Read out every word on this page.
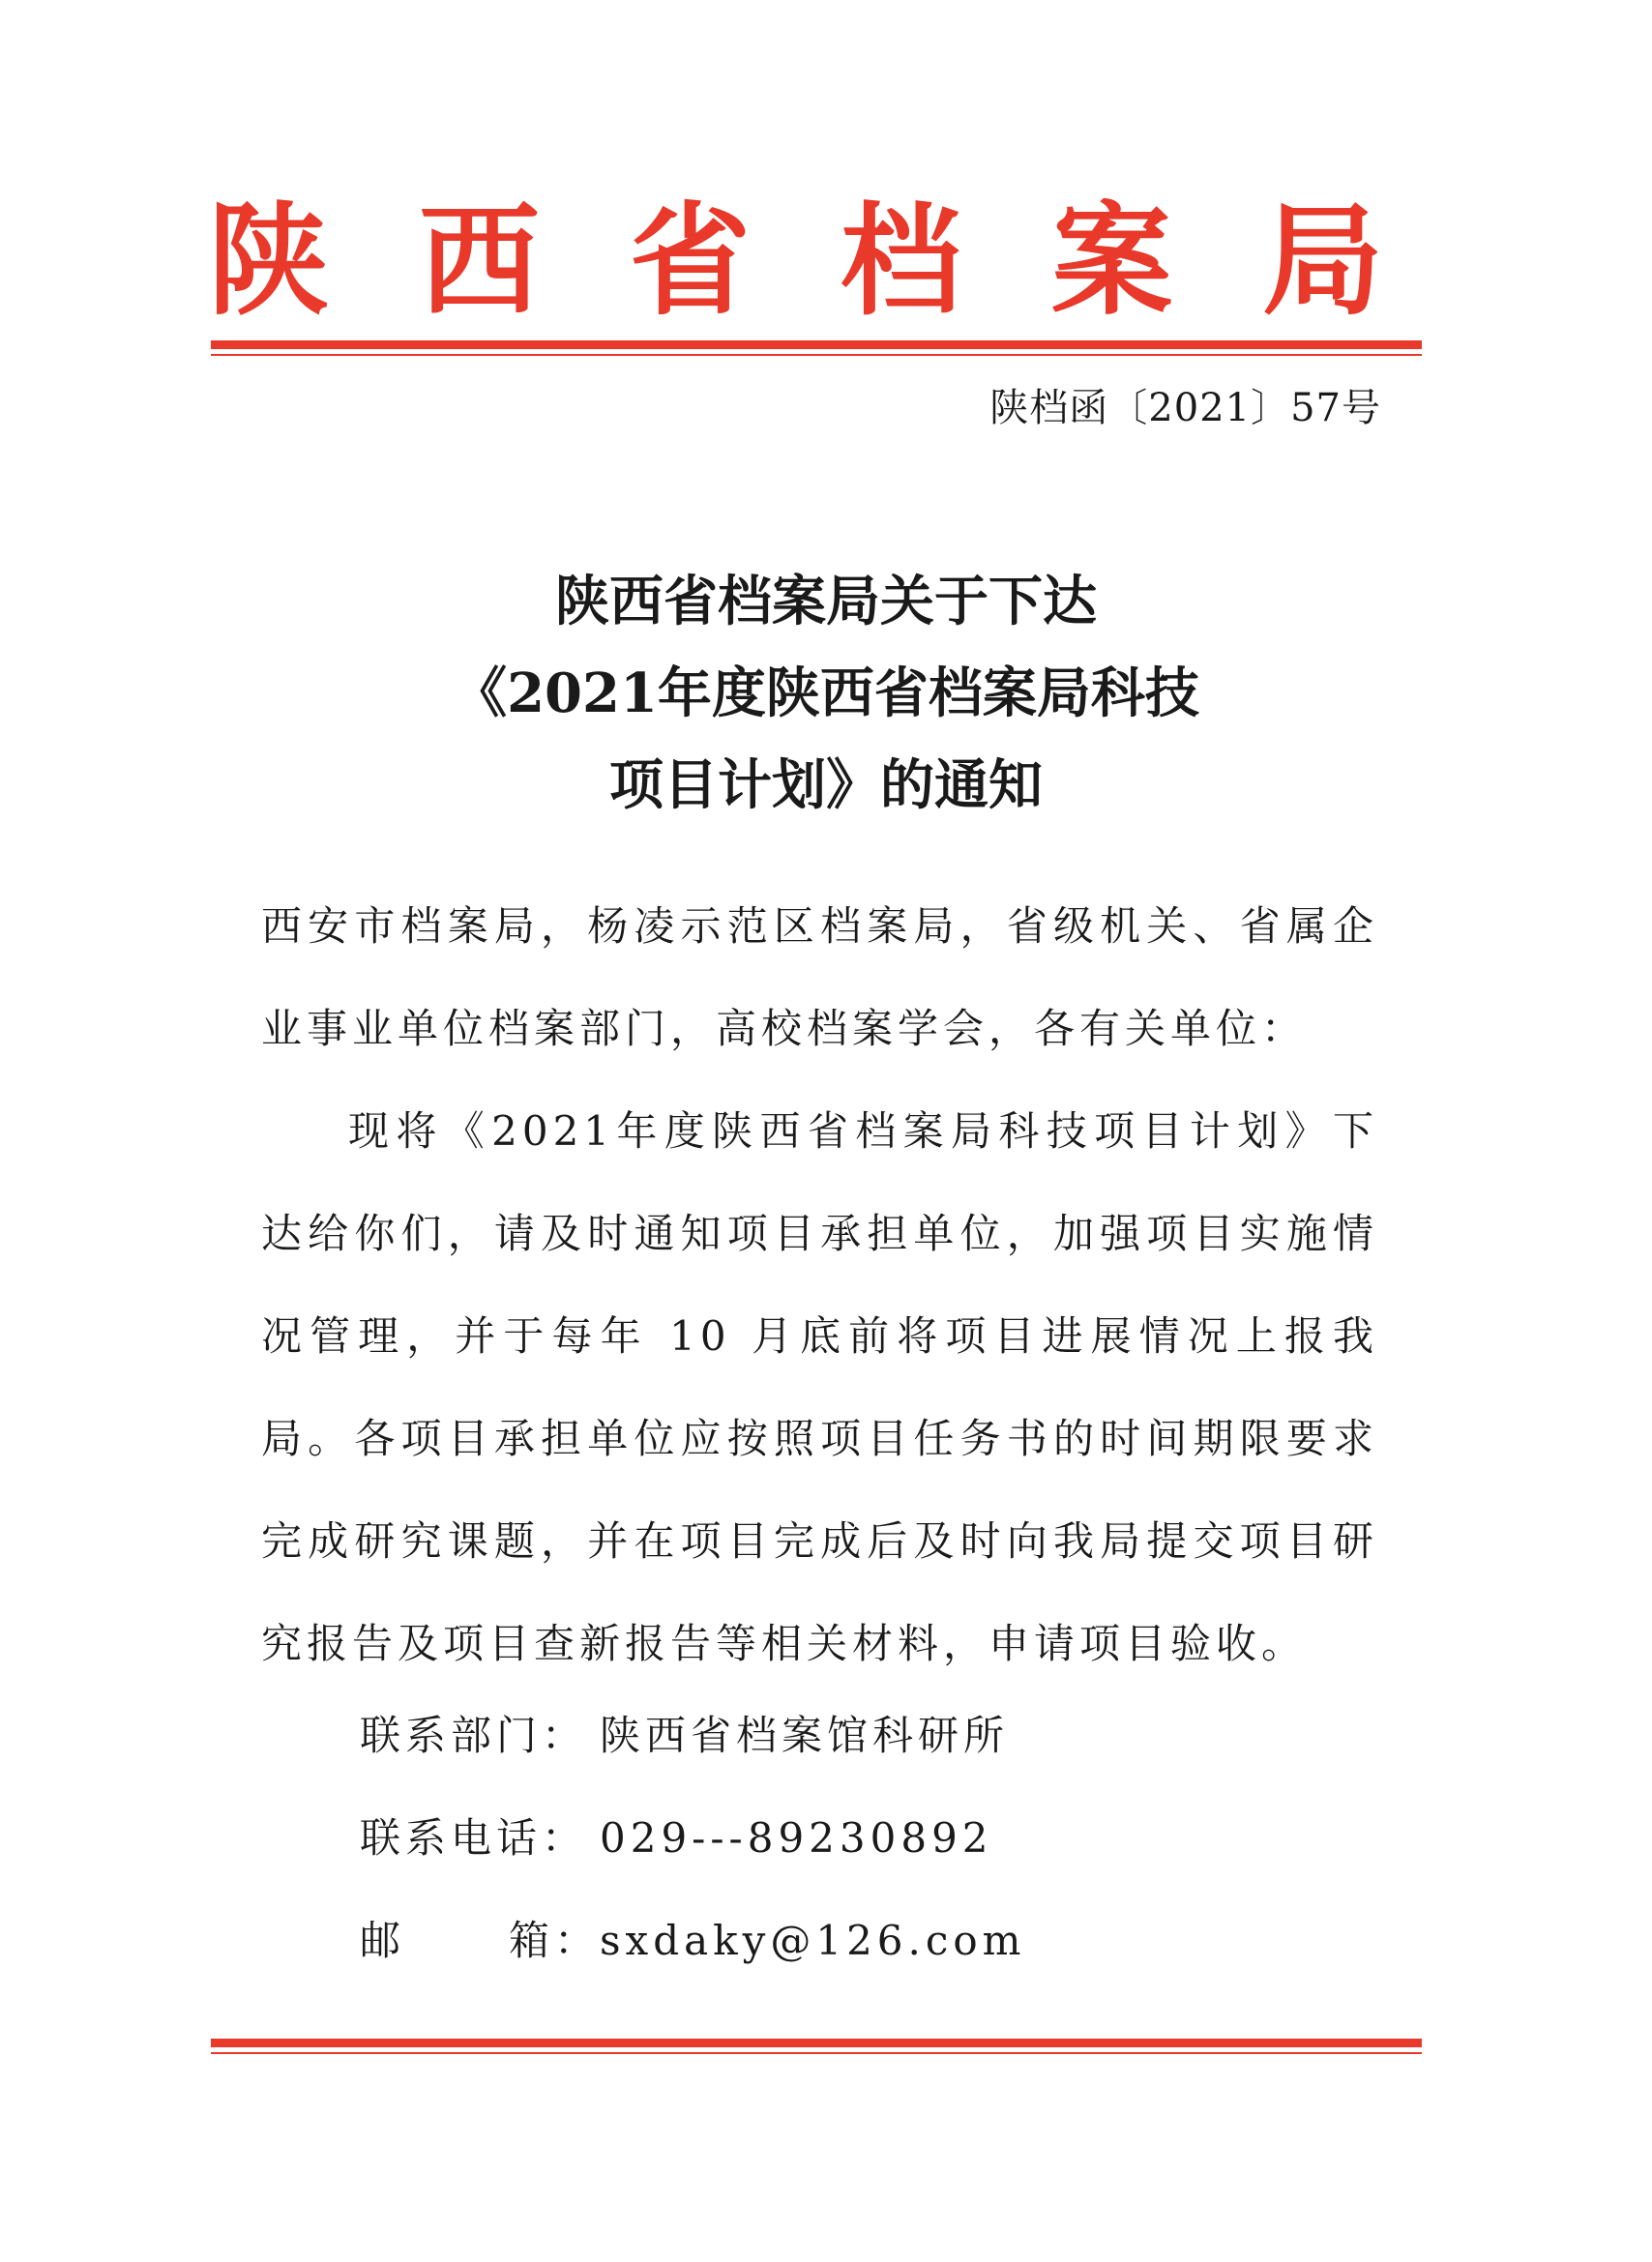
陕 西 省 档 案 局
陕档函〔2021〕57号
陕西省档案局关于下达
《2021年度陕西省档案局科技
项目计划》的通知

西安市档案局，杨凌示范区档案局，省级机关、省属企业事业单位档案部门，高校档案学会，各有关单位：

现将《2021年度陕西省档案局科技项目计划》下达给你们，请及时通知项目承担单位，加强项目实施情况管理，并于每年 10 月底前将项目进展情况上报我局。各项目承担单位应按照项目任务书的时间期限要求完成研究课题，并在项目完成后及时向我局提交项目研究报告及项目查新报告等相关材料，申请项目验收。

联系部门： 陕西省档案馆科研所
联系电话： 029---89230892
邮	箱： sxdaky@126.com
